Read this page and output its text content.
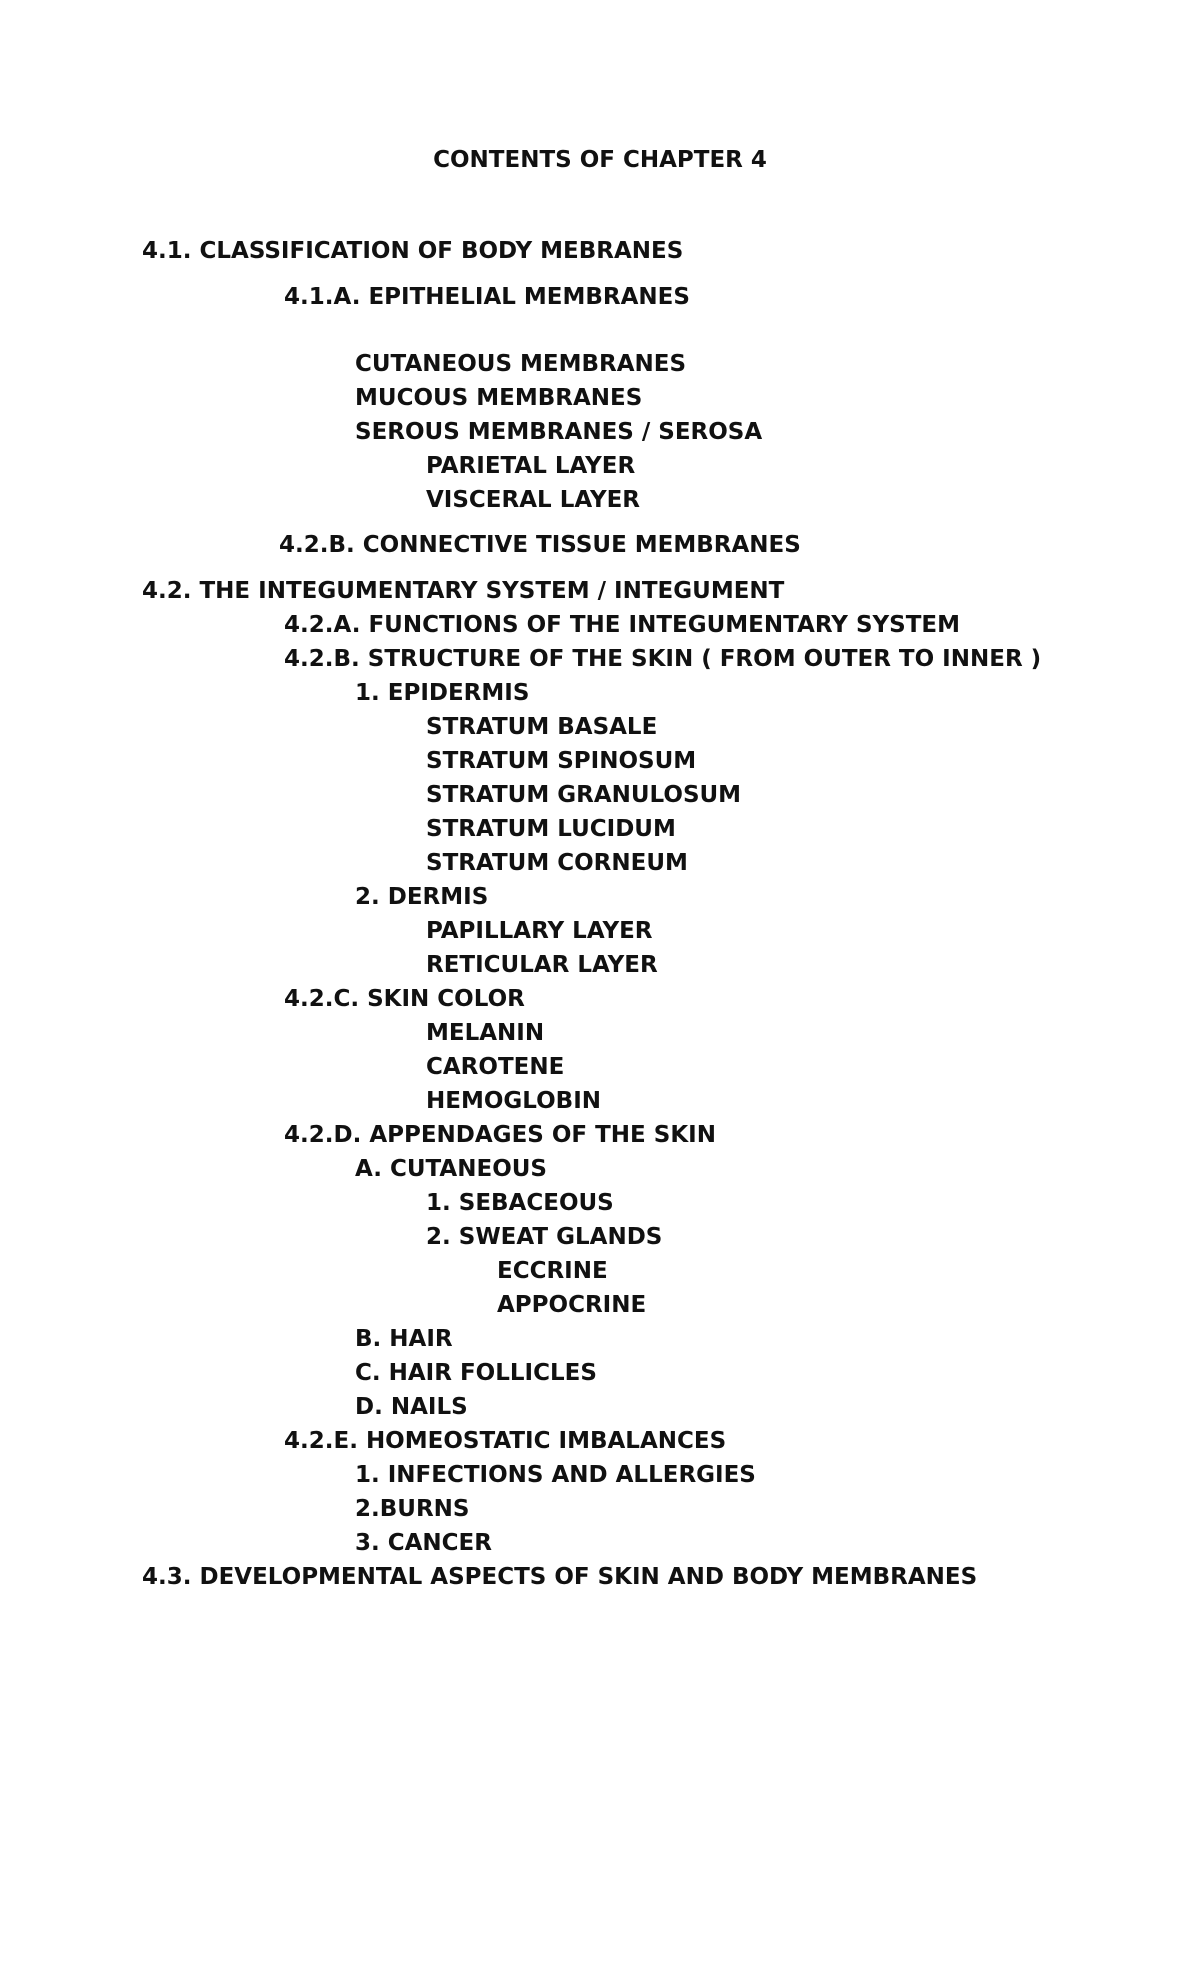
CONTENTS OF CHAPTER 4
4.1. CLASSIFICATION OF BODY MEBRANES
4.1.A. EPITHELIAL MEMBRANES
CUTANEOUS MEMBRANES
MUCOUS MEMBRANES
SEROUS MEMBRANES / SEROSA
PARIETAL LAYER
VISCERAL LAYER
4.2.B. CONNECTIVE TISSUE MEMBRANES
4.2. THE INTEGUMENTARY SYSTEM / INTEGUMENT
4.2.A. FUNCTIONS OF THE INTEGUMENTARY SYSTEM
4.2.B. STRUCTURE OF THE SKIN ( FROM OUTER TO INNER )
1. EPIDERMIS
STRATUM BASALE
STRATUM SPINOSUM
STRATUM GRANULOSUM
STRATUM LUCIDUM
STRATUM CORNEUM
2. DERMIS
PAPILLARY LAYER
RETICULAR LAYER
4.2.C. SKIN COLOR
MELANIN
CAROTENE
HEMOGLOBIN
4.2.D. APPENDAGES OF THE SKIN
A. CUTANEOUS
1. SEBACEOUS
2. SWEAT GLANDS
ECCRINE
APPOCRINE
B. HAIR
C. HAIR FOLLICLES
D. NAILS
4.2.E. HOMEOSTATIC IMBALANCES
1. INFECTIONS AND ALLERGIES
2.BURNS
3. CANCER
4.3. DEVELOPMENTAL ASPECTS OF SKIN AND BODY MEMBRANES
